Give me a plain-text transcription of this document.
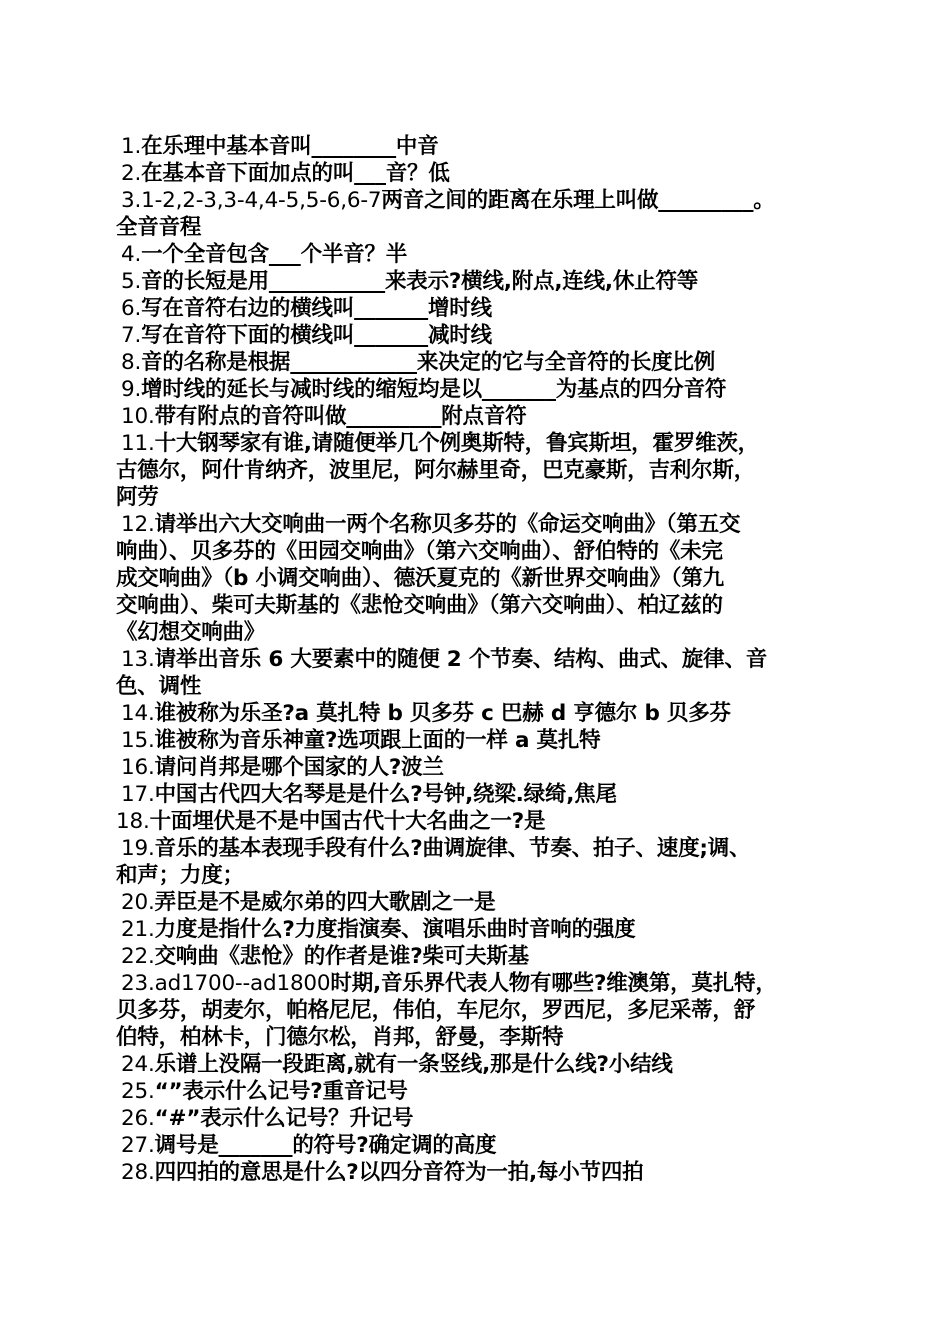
1.在乐理中基本音叫________中音
2.在基本音下面加点的叫___音？低
3.1-2,2-3,3-4,4-5,5-6,6-7两音之间的距离在乐理上叫做_________。
全音音程
4.一个全音包含___个半音？半
5.音的长短是用___________来表示?横线,附点,连线,休止符等
6.写在音符右边的横线叫_______增时线
7.写在音符下面的横线叫_______减时线
8.音的名称是根据____________来决定的它与全音符的长度比例
9.增时线的延长与减时线的缩短均是以_______为基点的四分音符
10.带有附点的音符叫做_________附点音符
11.十大钢琴家有谁,请随便举几个例奥斯特，鲁宾斯坦，霍罗维茨，
古德尔，阿什肯纳齐，波里尼，阿尔赫里奇，巴克豪斯，吉利尔斯，
阿劳
12.请举出六大交响曲一两个名称贝多芬的《命运交响曲》（第五交
响曲）、贝多芬的《田园交响曲》（第六交响曲）、舒伯特的《未完
成交响曲》（b 小调交响曲）、德沃夏克的《新世界交响曲》（第九
交响曲）、柴可夫斯基的《悲怆交响曲》（第六交响曲）、柏辽兹的
《幻想交响曲》
13.请举出音乐 6 大要素中的随便 2 个节奏、结构、曲式、旋律、音
色、调性
14.谁被称为乐圣?a 莫扎特 b 贝多芬 c 巴赫 d 亨德尔 b 贝多芬
15.谁被称为音乐神童?选项跟上面的一样 a 莫扎特
16.请问肖邦是哪个国家的人?波兰
17.中国古代四大名琴是是什么?号钟,绕梁.绿绮,焦尾
18.十面埋伏是不是中国古代十大名曲之一?是
19.音乐的基本表现手段有什么?曲调旋律、节奏、拍子、速度;调、
和声；力度；
20.弄臣是不是威尔弟的四大歌剧之一是
21.力度是指什么?力度指演奏、演唱乐曲时音响的强度
22.交响曲《悲怆》的作者是谁?柴可夫斯基
23.ad1700--ad1800时期,音乐界代表人物有哪些?维澳第，莫扎特，
贝多芬，胡麦尔，帕格尼尼，伟伯，车尼尔，罗西尼，多尼采蒂，舒
伯特，柏林卡，门德尔松，肖邦，舒曼，李斯特
24.乐谱上没隔一段距离,就有一条竖线,那是什么线?小结线
25.“”表示什么记号?重音记号
26.“#”表示什么记号？升记号
27.调号是_______的符号?确定调的高度
28.四四拍的意思是什么?以四分音符为一拍,每小节四拍
